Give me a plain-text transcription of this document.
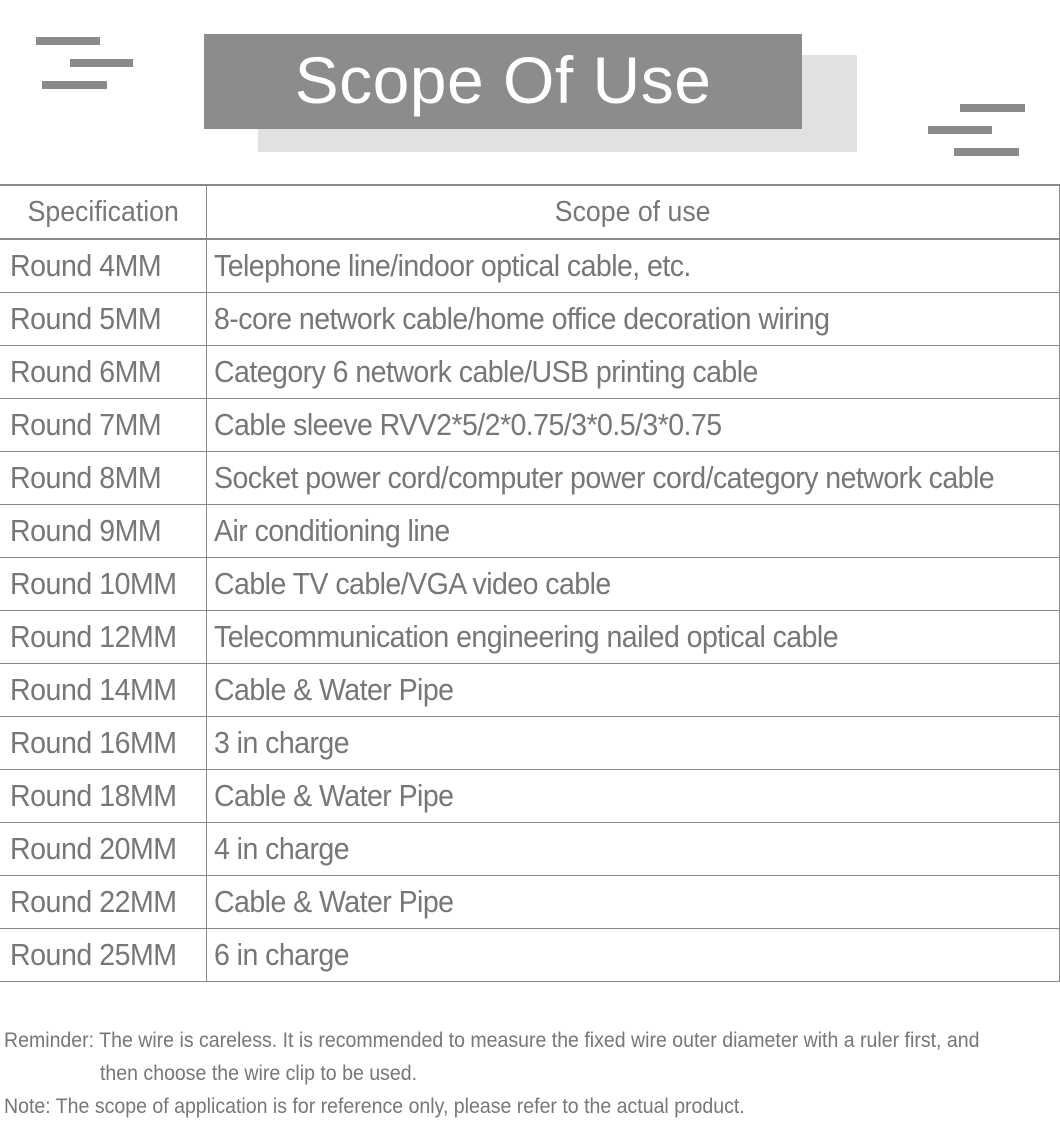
Scope Of Use
Specification	Scope of use
Round 4MM	Telephone line/indoor optical cable, etc.
Round 5MM	8-core network cable/home office decoration wiring
Round 6MM	Category 6 network cable/USB printing cable
Round 7MM	Cable sleeve RVV2*5/2*0.75/3*0.5/3*0.75
Round 8MM	Socket power cord/computer power cord/category network cable
Round 9MM	Air conditioning line
Round 10MM	Cable TV cable/VGA video cable
Round 12MM	Telecommunication engineering nailed optical cable
Round 14MM	Cable & Water Pipe
Round 16MM	3 in charge
Round 18MM	Cable & Water Pipe
Round 20MM	4 in charge
Round 22MM	Cable & Water Pipe
Round 25MM	6 in charge
Reminder: The wire is careless. It is recommended to measure the fixed wire outer diameter with a ruler first, and
then choose the wire clip to be used.
Note: The scope of application is for reference only, please refer to the actual product.
